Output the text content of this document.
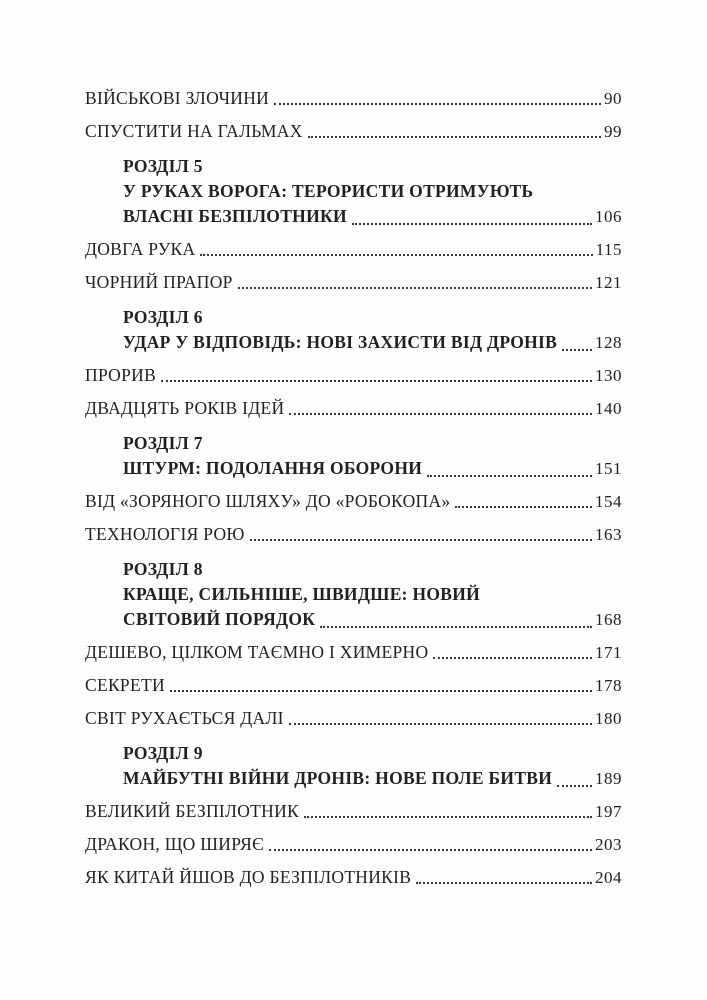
ВІЙСЬКОВІ ЗЛОЧИНИ	90
СПУСТИТИ НА ГАЛЬМАХ	99
РОЗДІЛ 5
У РУКАХ ВОРОГА: ТЕРОРИСТИ ОТРИМУЮТЬ
ВЛАСНІ БЕЗПІЛОТНИКИ	106
ДОВГА РУКА	115
ЧОРНИЙ ПРАПОР	121
РОЗДІЛ 6
УДАР У ВІДПОВІДЬ: НОВІ ЗАХИСТИ ВІД ДРОНІВ 128
ПРОРИВ	130
ДВАДЦЯТЬ РОКІВ ІДЕЙ	140
РОЗДІЛ 7
ШТУРМ: ПОДОЛАННЯ ОБОРОНИ	151
ВІД «ЗОРЯНОГО ШЛЯХУ» ДО «РОБОКОПА»	154
ТЕХНОЛОГІЯ РОЮ	163
РОЗДІЛ 8
КРАЩЕ, СИЛЬНІШЕ, ШВИДШЕ: НОВИЙ
СВІТОВИЙ ПОРЯДОК	168
ДЕШЕВО, ЦІЛКОМ ТАЄМНО І ХИМЕРНО	171
СЕКРЕТИ	178
СВІТ РУХАЄТЬСЯ ДАЛІ	180
РОЗДІЛ 9
МАЙБУТНІ ВІЙНИ ДРОНІВ: НОВЕ ПОЛЕ БИТВИ	189
ВЕЛИКИЙ БЕЗПІЛОТНИК	197
ДРАКОН, ЩО ШИРЯЄ	203
ЯК КИТАЙ ЙШОВ ДО БЕЗПІЛОТНИКІВ	204
